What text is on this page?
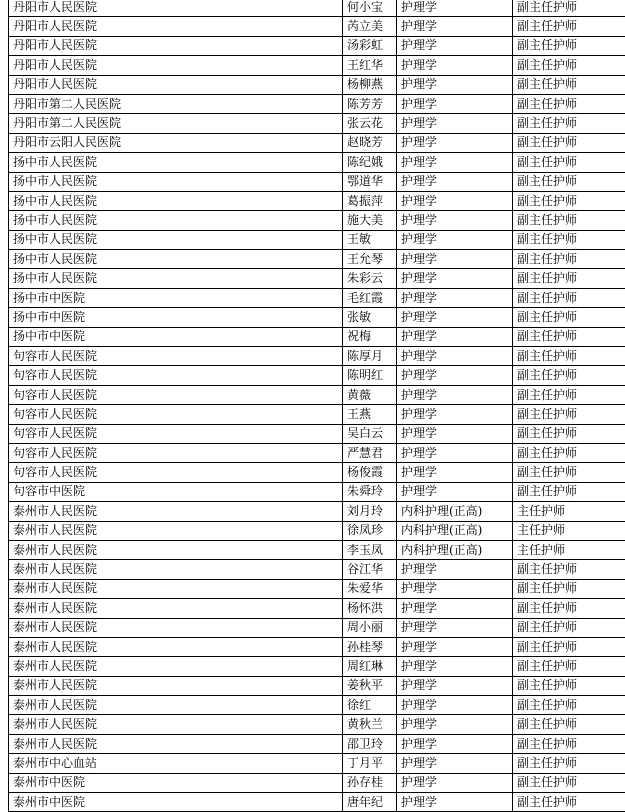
丹阳市人民医院	何小宝	护理学	副主任护师
丹阳市人民医院	芮立美	护理学	副主任护师
丹阳市人民医院	汤彩虹	护理学	副主任护师
丹阳市人民医院	王红华	护理学	副主任护师
丹阳市人民医院	杨柳燕	护理学	副主任护师
丹阳市第二人民医院	陈芳芳	护理学	副主任护师
丹阳市第二人民医院	张云花	护理学	副主任护师
丹阳市云阳人民医院	赵晓芳	护理学	副主任护师
扬中市人民医院	陈纪娥	护理学	副主任护师
扬中市人民医院	鄂道华	护理学	副主任护师
扬中市人民医院	葛振萍	护理学	副主任护师
扬中市人民医院	施大美	护理学	副主任护师
扬中市人民医院	王敏	护理学	副主任护师
扬中市人民医院	王允琴	护理学	副主任护师
扬中市人民医院	朱彩云	护理学	副主任护师
扬中市中医院	毛红霞	护理学	副主任护师
扬中市中医院	张敏	护理学	副主任护师
扬中市中医院	祝梅	护理学	副主任护师
句容市人民医院	陈厚月	护理学	副主任护师
句容市人民医院	陈明红	护理学	副主任护师
句容市人民医院	黄薇	护理学	副主任护师
句容市人民医院	王燕	护理学	副主任护师
句容市人民医院	吴白云	护理学	副主任护师
句容市人民医院	严慧君	护理学	副主任护师
句容市人民医院	杨俊霞	护理学	副主任护师
句容市中医院	朱舜玲	护理学	副主任护师
泰州市人民医院	刘月玲	内科护理(正高)	主任护师
泰州市人民医院	徐凤珍	内科护理(正高)	主任护师
泰州市人民医院	李玉凤	内科护理(正高)	主任护师
泰州市人民医院	谷江华	护理学	副主任护师
泰州市人民医院	朱爱华	护理学	副主任护师
泰州市人民医院	杨怀洪	护理学	副主任护师
泰州市人民医院	周小丽	护理学	副主任护师
泰州市人民医院	孙桂琴	护理学	副主任护师
泰州市人民医院	周红琳	护理学	副主任护师
泰州市人民医院	姜秋平	护理学	副主任护师
泰州市人民医院	徐红	护理学	副主任护师
泰州市人民医院	黄秋兰	护理学	副主任护师
泰州市人民医院	邵卫玲	护理学	副主任护师
泰州市中心血站	丁月平	护理学	副主任护师
泰州市中医院	孙存桂	护理学	副主任护师
泰州市中医院	唐年纪	护理学	副主任护师
